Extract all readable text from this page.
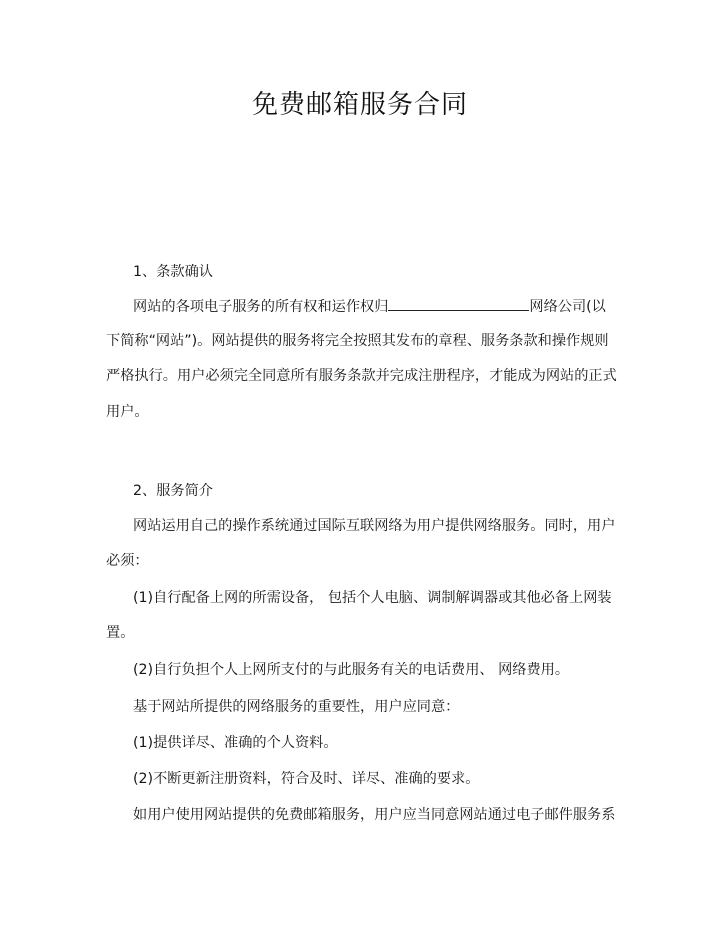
免费邮箱服务合同
1、条款确认
网站的各项电子服务的所有权和运作权归	网络公司(以
下简称“网站”)。网站提供的服务将完全按照其发布的章程、服务条款和操作规则
严格执行。用户必须完全同意所有服务条款并完成注册程序，才能成为网站的正式
用户。
2、服务简介
网站运用自己的操作系统通过国际互联网络为用户提供网络服务。同时，用户
必须：
(1)自行配备上网的所需设备， 包括个人电脑、调制解调器或其他必备上网装
置。
(2)自行负担个人上网所支付的与此服务有关的电话费用、 网络费用。
基于网站所提供的网络服务的重要性，用户应同意：
(1)提供详尽、准确的个人资料。
(2)不断更新注册资料，符合及时、详尽、准确的要求。
如用户使用网站提供的免费邮箱服务，用户应当同意网站通过电子邮件服务系
